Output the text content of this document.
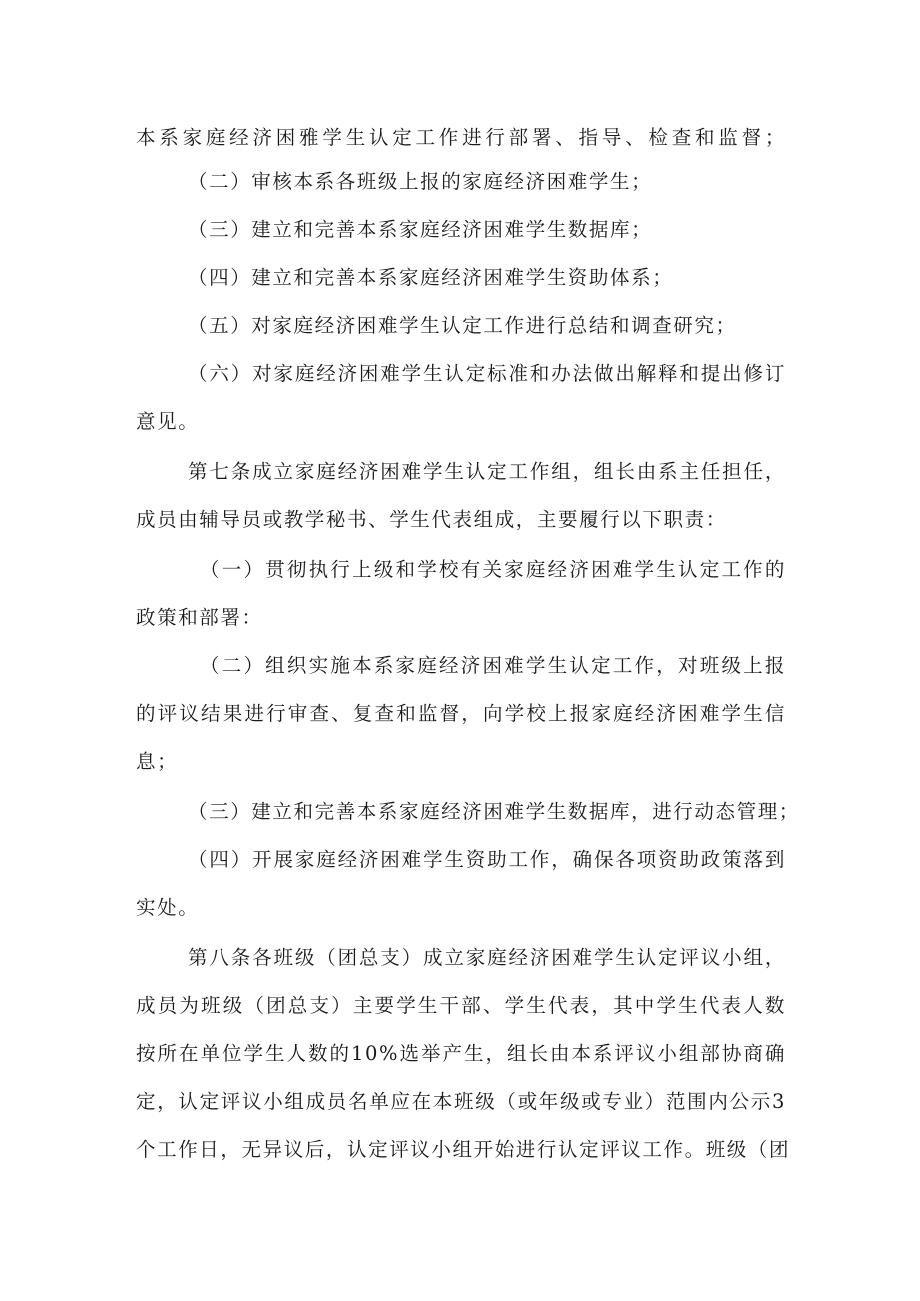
本系家庭经济困雅学生认定工作进行部署、指导、检查和监督；
（二）审核本系各班级上报的家庭经济困难学生；
（三）建立和完善本系家庭经济困难学生数据库；
（四）建立和完善本系家庭经济困难学生资助体系；
（五）对家庭经济困难学生认定工作进行总结和调查研究；
（六）对家庭经济困难学生认定标准和办法做出解释和提出修订
意见。
第七条成立家庭经济困难学生认定工作组，组长由系主任担任，
成员由辅导员或教学秘书、学生代表组成，主要履行以下职责：
（一）贯彻执行上级和学校有关家庭经济困难学生认定工作的
政策和部署：
（二）组织实施本系家庭经济困难学生认定工作，对班级上报
的评议结果进行审查、复查和监督，向学校上报家庭经济困难学生信
息；
（三）建立和完善本系家庭经济困难学生数据库，进行动态管理；
（四）开展家庭经济困难学生资助工作，确保各项资助政策落到
实处。
第八条各班级（团总支）成立家庭经济困难学生认定评议小组，
成员为班级（团总支）主要学生干部、学生代表，其中学生代表人数
按所在单位学生人数的10%选举产生，组长由本系评议小组部协商确
定，认定评议小组成员名单应在本班级（或年级或专业）范围内公示3
个工作日，无异议后，认定评议小组开始进行认定评议工作。班级（团
